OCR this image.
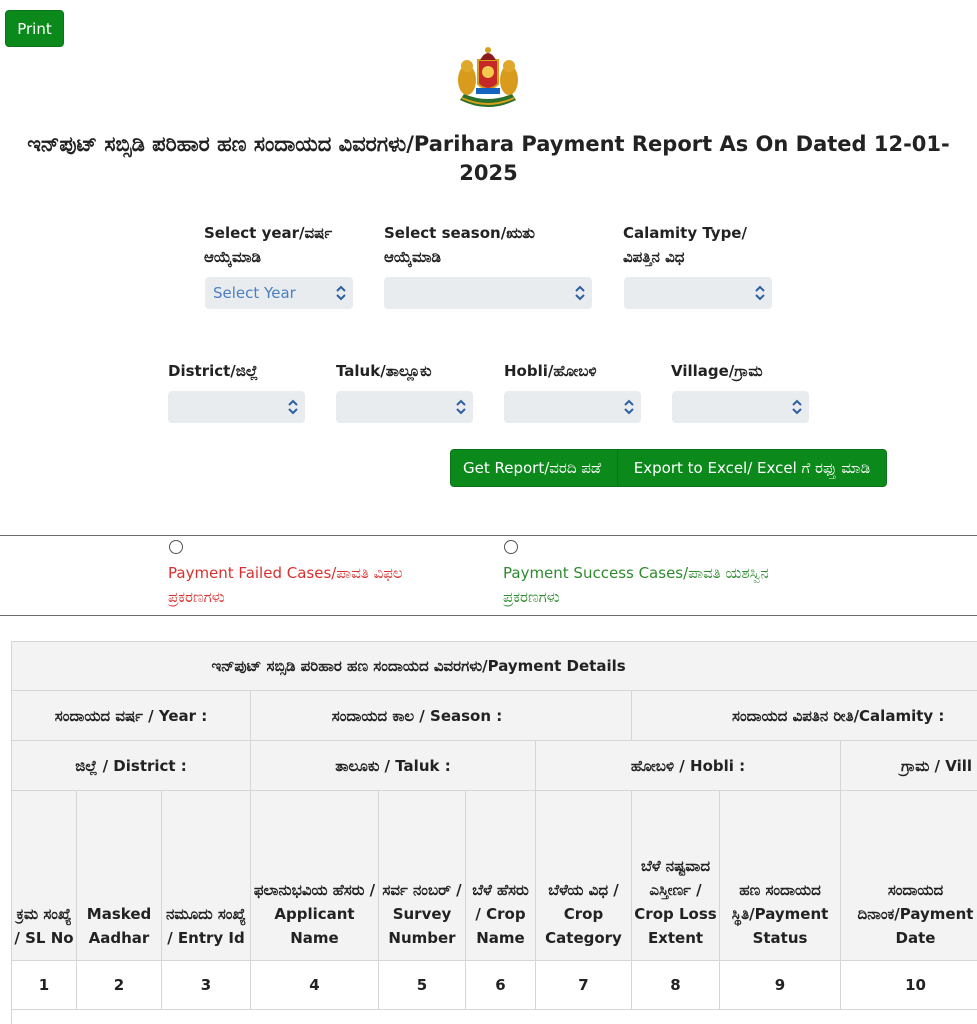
Print
ಇನ್‌ಪುಟ್ ಸಬ್ಸಿಡಿ ಪರಿಹಾರ ಹಣ ಸಂದಾಯದ ವಿವರಗಳು/Parihara Payment Report As On Dated 12-01-2025
Select year/ವರ್ಷ ಆಯ್ಕೆಮಾಡಿ
Select Year
Select season/ಋತು ಆಯ್ಕೆಮಾಡಿ
Calamity Type/ ವಿಪತ್ತಿನ ವಿಧ
District/ಜಿಲ್ಲೆ	Taluk/ತಾಲ್ಲೂಕು	Hobli/ಹೋಬಳಿ	Village/ಗ್ರಾಮ
Get Report/ವರದಿ ಪಡೆ	Export to Excel/ Excel ಗೆ ರಫ್ತು ಮಾಡಿ
Payment Failed Cases/ಪಾವತಿ ವಿಫಲ ಪ್ರಕರಣಗಳು
Payment Success Cases/ಪಾವತಿ ಯಶಸ್ವಿನ ಪ್ರಕರಣಗಳು
ಇನ್‌ಪುಟ್ ಸಬ್ಸಿಡಿ ಪರಿಹಾರ ಹಣ ಸಂದಾಯದ ವಿವರಗಳು/Payment Details										
ಸಂದಾಯದ ವರ್ಷ / Year :			ಸಂದಾಯದ ಕಾಲ / Season :				ಸಂದಾಯದ ವಿಪತಿನ ರೀತಿ/Calamity :			
ಜಿಲ್ಲೆ / District :			ತಾಲೂಕು / Taluk :			ಹೋಬಳಿ / Hobli :			ಗ್ರಾಮ / Vill	
ಕ್ರಮ ಸಂಖ್ಯೆ / SL No	Masked Aadhar	ನಮೂದು ಸಂಖ್ಯೆ / Entry Id	ಫಲಾನುಭವಿಯ ಹೆಸರು / Applicant Name	ಸರ್ವ ನಂಬರ್ / Survey Number	ಬೆಳೆ ಹೆಸರು / Crop Name	ಬೆಳೆಯ ವಿಧ / Crop Category	ಬೆಳೆ ನಷ್ಟವಾದ ಎಸ್ತೀರ್ಣ / Crop Loss Extent	ಹಣ ಸಂದಾಯದ ಸ್ಥಿತಿ/Payment Status	ಸಂದಾಯದ ದಿನಾಂಕ/Payment Date	
1	2	3	4	5	6	7	8	9	10	
